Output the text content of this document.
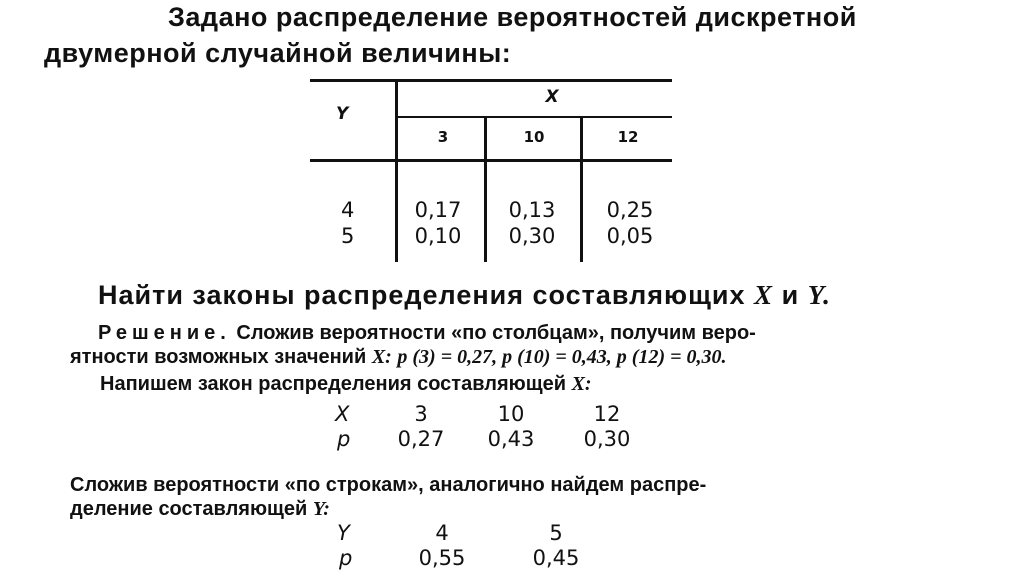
Задано распределение вероятностей дискретной
двумерной случайной величины:
Y
X
3	10	12
4	0,17 0,13 0,25
5	0,10 0,30 0,05
Найти законы распределения составляющих X и Y.
Решение. Сложив вероятности «по столбцам», получим веро-
ятности возможных значений X: p (3) = 0,27, p (10) = 0,43, p (12) = 0,30.
Напишем закон распределения составляющей X:
X	3	10	12
p 0,27 0,43 0,30
Сложив вероятности «по строкам», аналогично найдем распре-
деление составляющей Y:
Y	4	5
p	0,55	0,45
